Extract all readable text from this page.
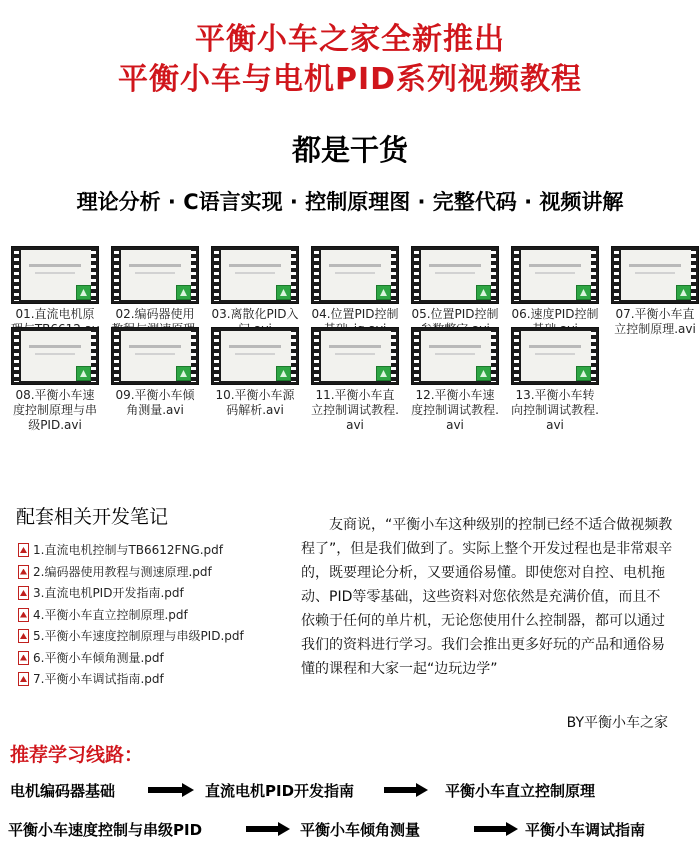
平衡小车之家全新推出
平衡小车与电机PID系列视频教程
都是干货
理论分析 · C语言实现 · 控制原理图 · 完整代码 · 视频讲解
01.直流电机原	02.编码器使用	03.离散化PID入 04.位置PID控制 05.位置PID控制 06.速度PID控制	07.平衡小车直立控制原理.avi
08.平衡小车速度控制原理与串级PID.avi
09.平衡小车倾角测量.avi
10.平衡小车源码解析.avi
11.平衡小车直立控制调试教程.avi
12.平衡小车速度控制调试教程.avi
13.平衡小车转向控制调试教程.avi
配套相关开发笔记
1.直流电机控制与TB6612FNG.pdf
2.编码器使用教程与测速原理.pdf
3.直流电机PID开发指南.pdf
4.平衡小车直立控制原理.pdf
5.平衡小车速度控制原理与串级PID.pdf
6.平衡小车倾角测量.pdf
7.平衡小车调试指南.pdf
友商说，“平衡小车这种级别的控制已经不适合做视频教程了”，但是我们做到了。实际上整个开发过程也是非常艰辛的，既要理论分析，又要通俗易懂。即使您对自控、电机拖动、PID等零基础，这些资料对您依然是充满价值，而且不依赖于任何的单片机，无论您使用什么控制器，都可以通过我们的资料进行学习。我们会推出更多好玩的产品和通俗易懂的课程和大家一起“边玩边学”
BY平衡小车之家
推荐学习线路：
电机编码器基础	直流电机PID开发指南	平衡小车直立控制原理
平衡小车速度控制与串级PID	平衡小车倾角测量	平衡小车调试指南
